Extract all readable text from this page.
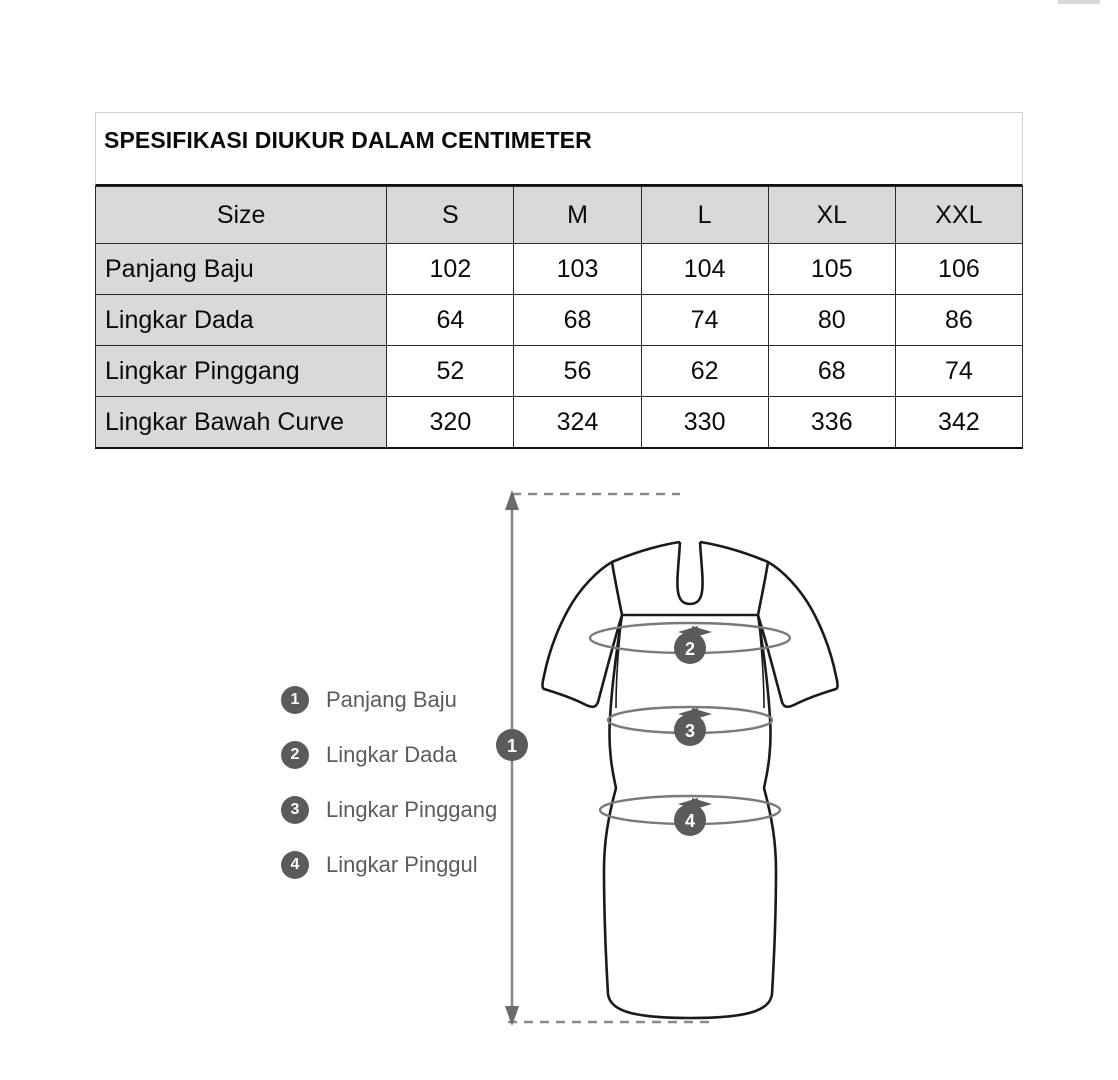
SPESIFIKASI DIUKUR DALAM CENTIMETER
Size	S	M	L	XL	XXL
Panjang Baju	102	103	104	105	106
Lingkar Dada	64	68	74	80	86
Lingkar Pinggang	52	56	62	68	74
Lingkar Bawah Curve	320	324	330	336	342
1	Panjang Baju
2	Lingkar Dada
3	Lingkar Pinggang
4	Lingkar Pinggul
2
3
4
1
